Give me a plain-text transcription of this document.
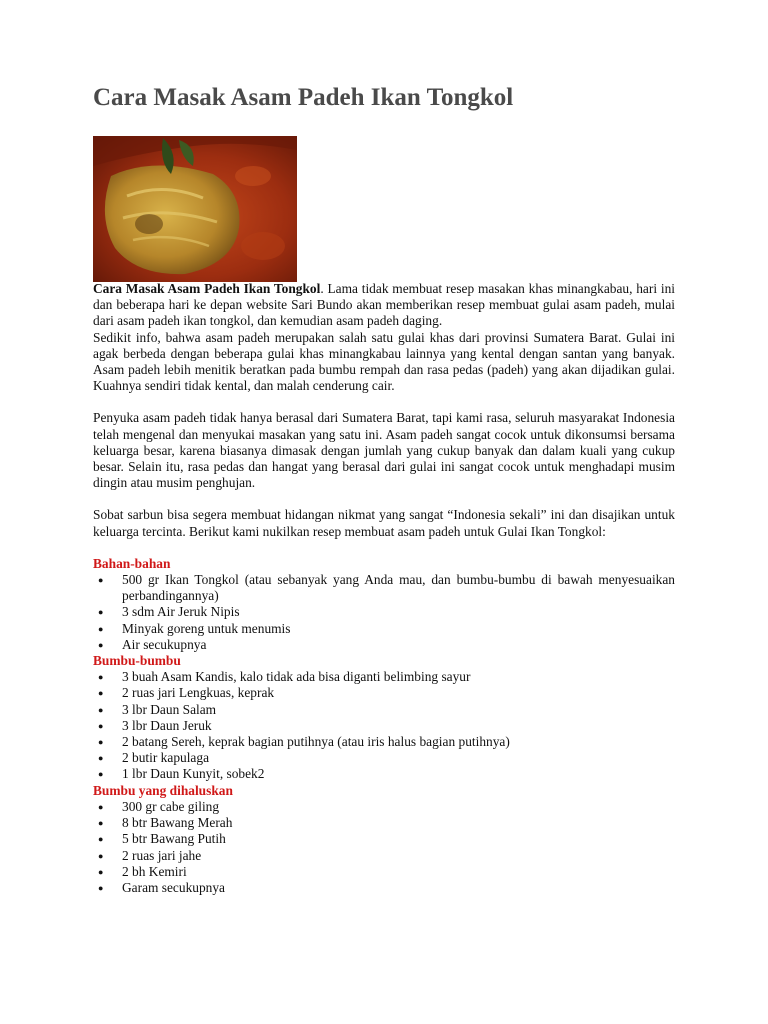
Cara Masak Asam Padeh Ikan Tongkol

Cara Masak Asam Padeh Ikan Tongkol. Lama tidak membuat resep masakan khas minangkabau, hari ini dan beberapa hari ke depan website Sari Bundo akan memberikan resep membuat gulai asam padeh, mulai dari asam padeh ikan tongkol, dan kemudian asam padeh daging.

Sedikit info, bahwa asam padeh merupakan salah satu gulai khas dari provinsi Sumatera Barat. Gulai ini agak berbeda dengan beberapa gulai khas minangkabau lainnya yang kental dengan santan yang banyak. Asam padeh lebih menitik beratkan pada bumbu rempah dan rasa pedas (padeh) yang akan dijadikan gulai. Kuahnya sendiri tidak kental, dan malah cenderung cair.

Penyuka asam padeh tidak hanya berasal dari Sumatera Barat, tapi kami rasa, seluruh masyarakat Indonesia telah mengenal dan menyukai masakan yang satu ini. Asam padeh sangat cocok untuk dikonsumsi bersama keluarga besar, karena biasanya dimasak dengan jumlah yang cukup banyak dan dalam kuali yang cukup besar. Selain itu, rasa pedas dan hangat yang berasal dari gulai ini sangat cocok untuk menghadapi musim dingin atau musim penghujan.

Sobat sarbun bisa segera membuat hidangan nikmat yang sangat “Indonesia sekali” ini dan disajikan untuk keluarga tercinta. Berikut kami nukilkan resep membuat asam padeh untuk Gulai Ikan Tongkol:

Bahan-bahan
● 500 gr Ikan Tongkol (atau sebanyak yang Anda mau, dan bumbu-bumbu di bawah menyesuaikan perbandingannya)
● 3 sdm Air Jeruk Nipis
● Minyak goreng untuk menumis
● Air secukupnya
Bumbu-bumbu
● 3 buah Asam Kandis, kalo tidak ada bisa diganti belimbing sayur
● 2 ruas jari Lengkuas, keprak
● 3 lbr Daun Salam
● 3 lbr Daun Jeruk
● 2 batang Sereh, keprak bagian putihnya (atau iris halus bagian putihnya)
● 2 butir kapulaga
● 1 lbr Daun Kunyit, sobek2
Bumbu yang dihaluskan
● 300 gr cabe giling
● 8 btr Bawang Merah
● 5 btr Bawang Putih
● 2 ruas jari jahe
● 2 bh Kemiri
● Garam secukupnya
